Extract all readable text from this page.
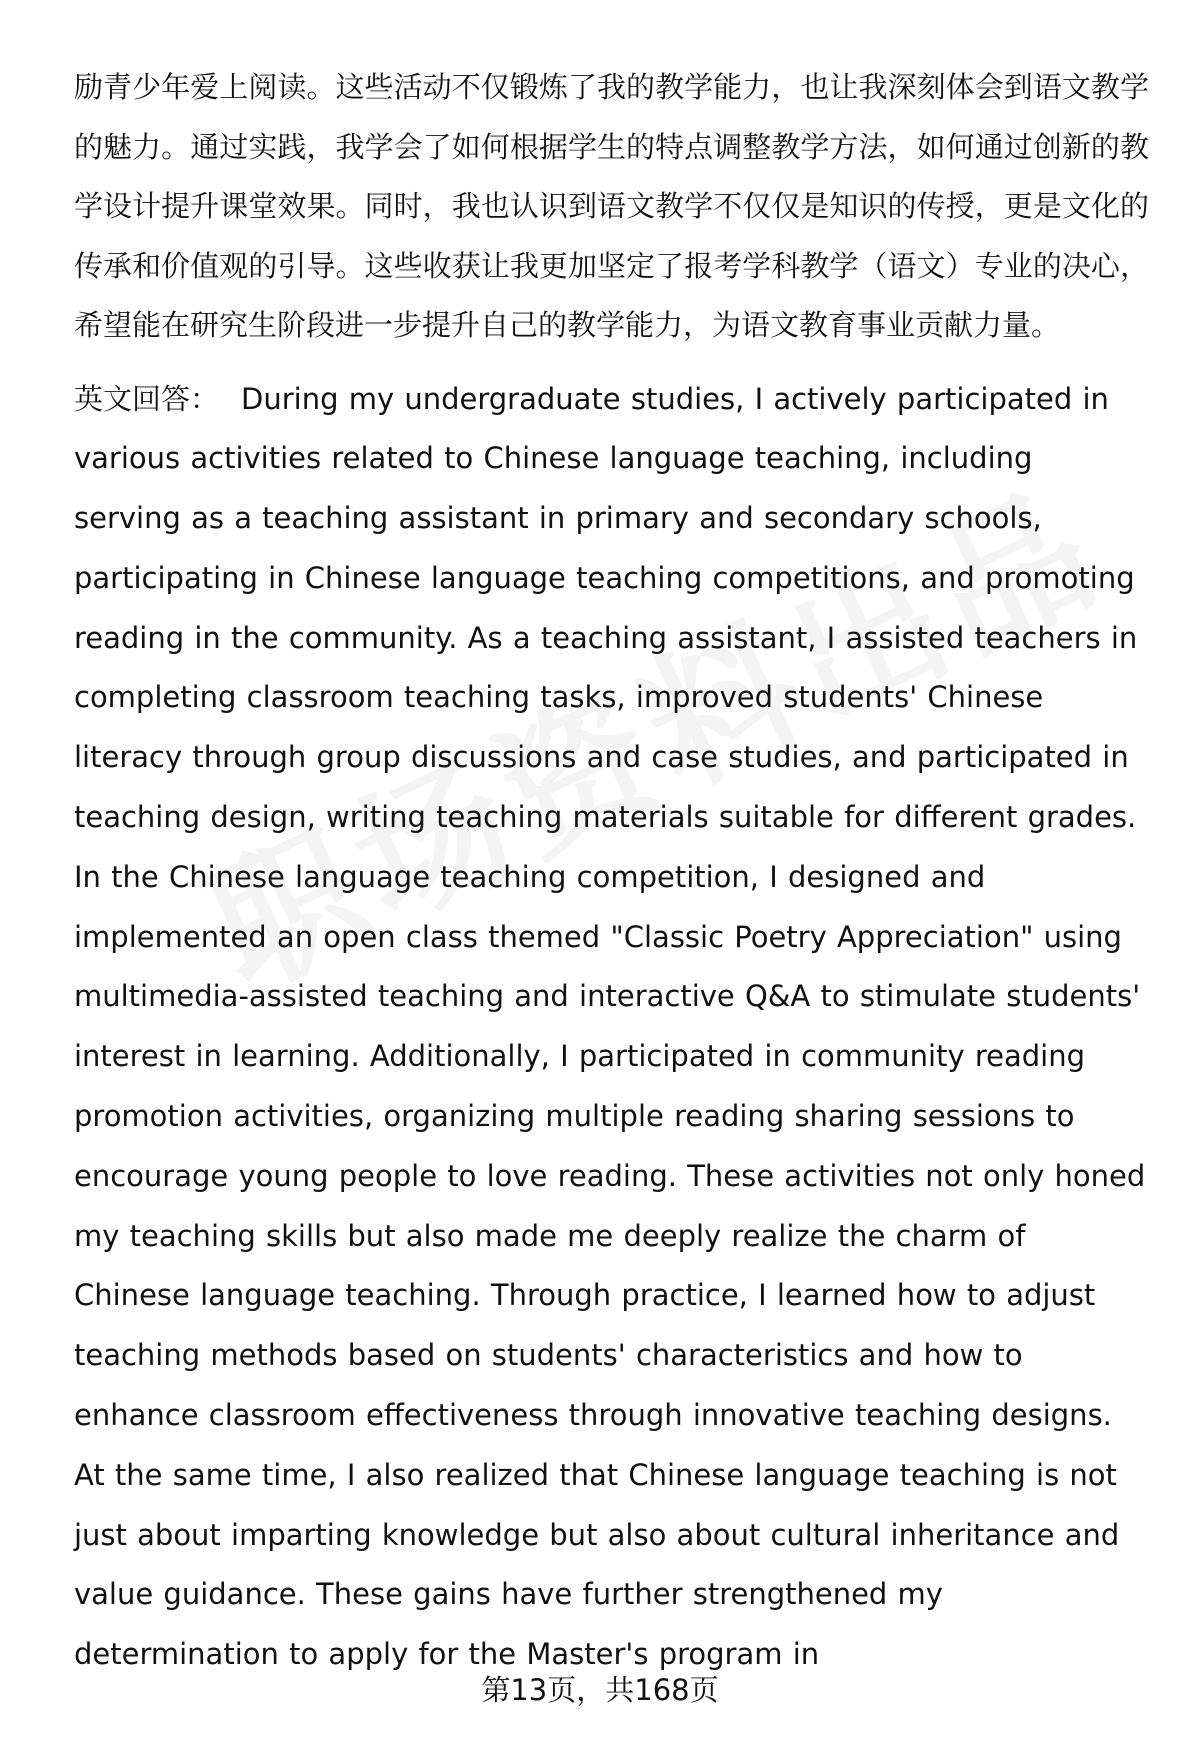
励青少年爱上阅读。这些活动不仅锻炼了我的教学能力，也让我深刻体会到语文教学的魅力。通过实践，我学会了如何根据学生的特点调整教学方法，如何通过创新的教学设计提升课堂效果。同时，我也认识到语文教学不仅仅是知识的传授，更是文化的传承和价值观的引导。这些收获让我更加坚定了报考学科教学（语文）专业的决心，希望能在研究生阶段进一步提升自己的教学能力，为语文教育事业贡献力量。

英文回答： During my undergraduate studies, I actively participated in various activities related to Chinese language teaching, including serving as a teaching assistant in primary and secondary schools, participating in Chinese language teaching competitions, and promoting reading in the community. As a teaching assistant, I assisted teachers in completing classroom teaching tasks, improved students' Chinese literacy through group discussions and case studies, and participated in teaching design, writing teaching materials suitable for different grades. In the Chinese language teaching competition, I designed and implemented an open class themed "Classic Poetry Appreciation" using multimedia-assisted teaching and interactive Q&A to stimulate students' interest in learning. Additionally, I participated in community reading promotion activities, organizing multiple reading sharing sessions to encourage young people to love reading. These activities not only honed my teaching skills but also made me deeply realize the charm of Chinese language teaching. Through practice, I learned how to adjust teaching methods based on students' characteristics and how to enhance classroom effectiveness through innovative teaching designs. At the same time, I also realized that Chinese language teaching is not just about imparting knowledge but also about cultural inheritance and value guidance. These gains have further strengthened my determination to apply for the Master's program in

第13页，共168页
